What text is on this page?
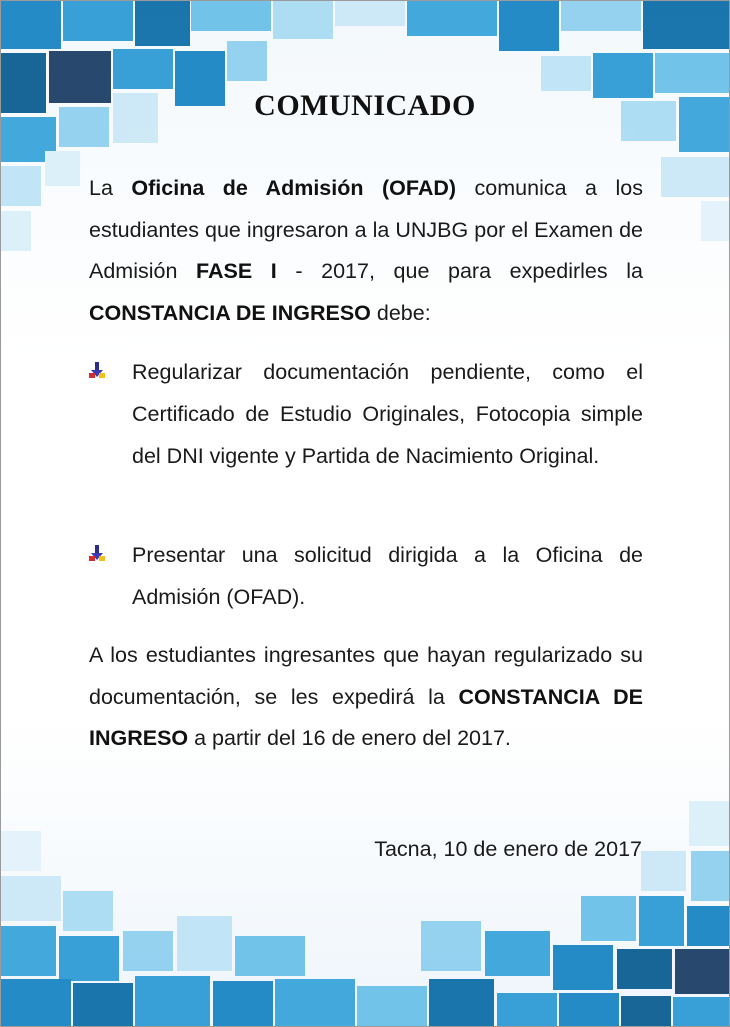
COMUNICADO
La Oficina de Admisión (OFAD) comunica a los estudiantes que ingresaron a la UNJBG por el Examen de Admisión FASE I - 2017, que para expedirles la CONSTANCIA DE INGRESO debe:
Regularizar documentación pendiente, como el Certificado de Estudio Originales, Fotocopia simple del DNI vigente y Partida de Nacimiento Original.
Presentar una solicitud dirigida a la Oficina de Admisión (OFAD).
A los estudiantes ingresantes que hayan regularizado su documentación, se les expedirá la CONSTANCIA DE INGRESO a partir del 16 de enero del 2017.
Tacna, 10 de enero de 2017
